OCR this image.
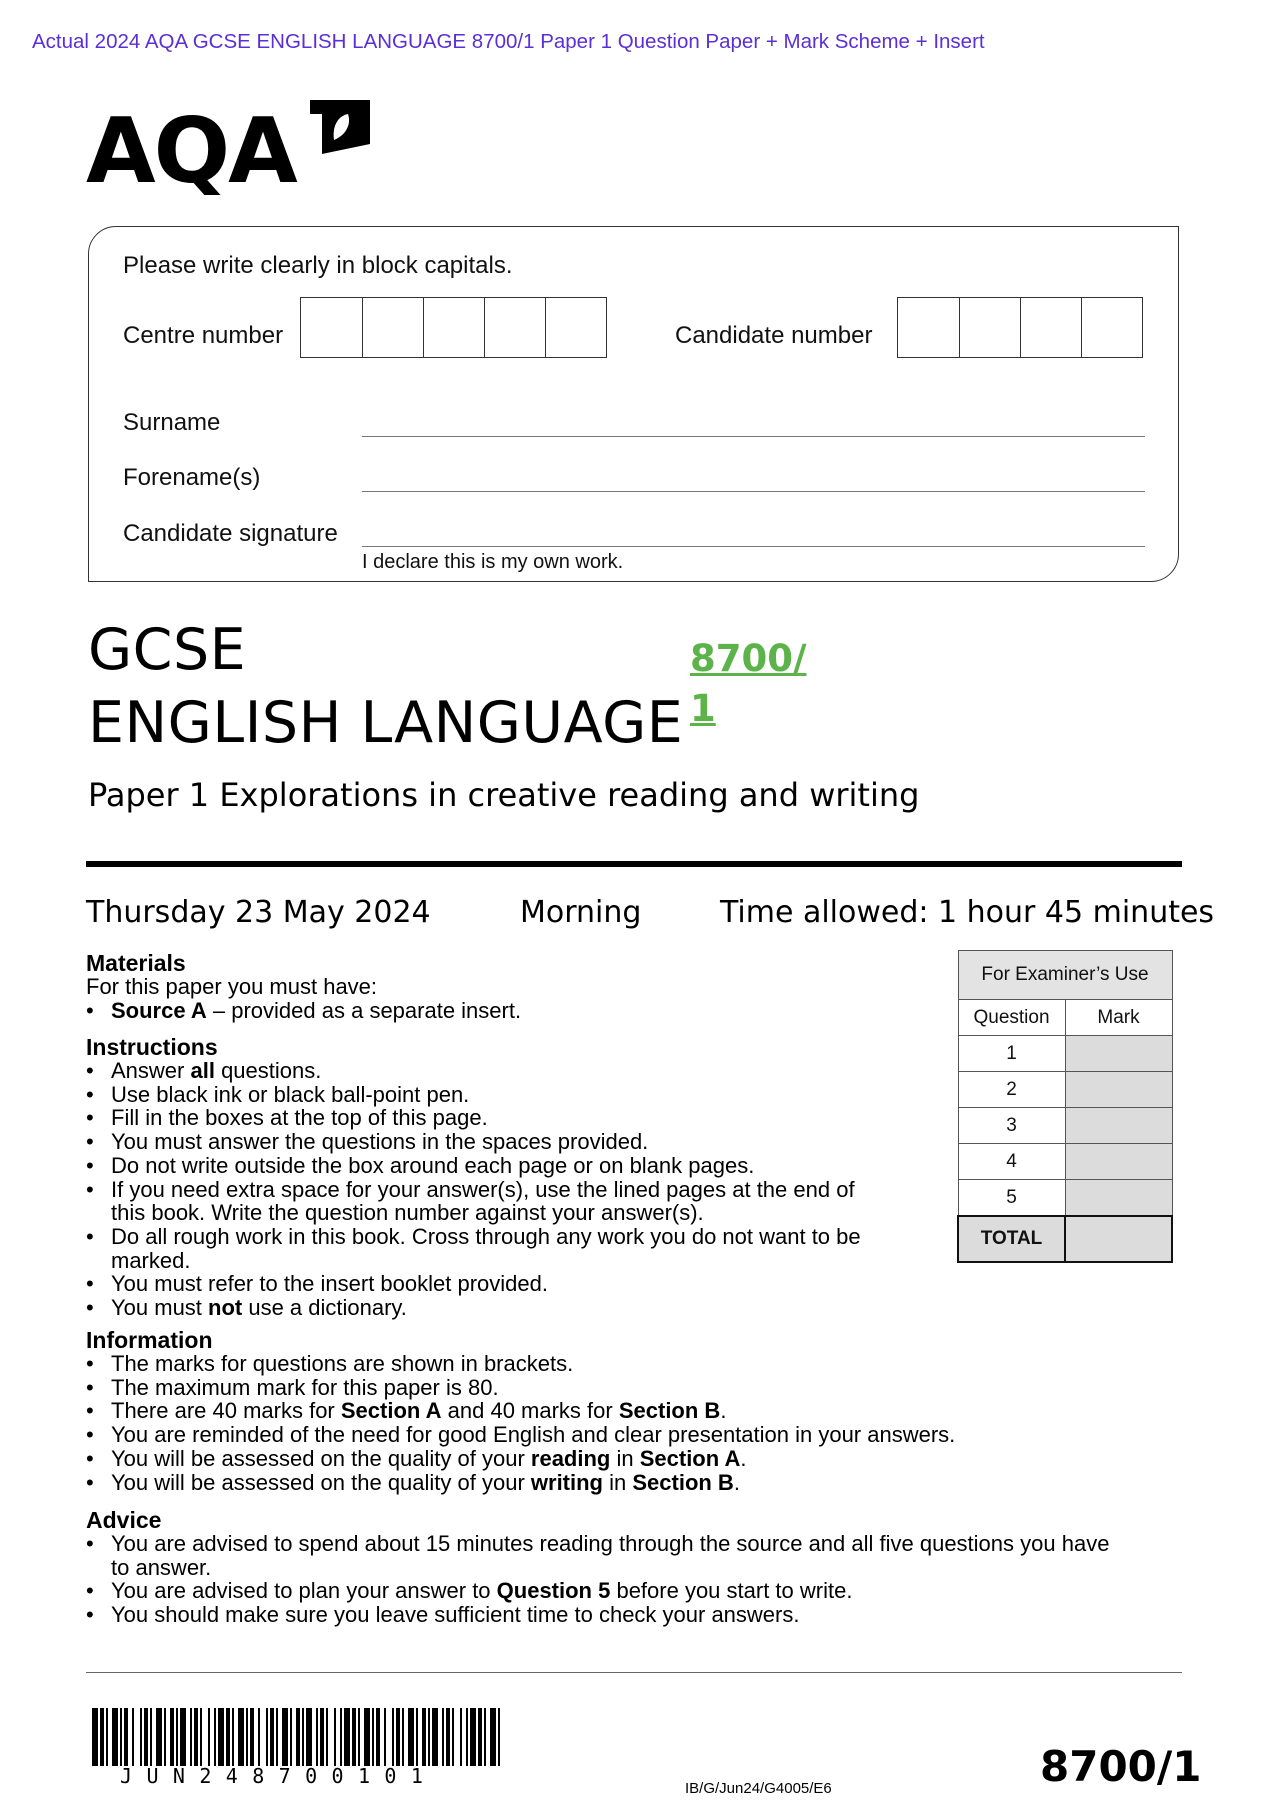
Actual 2024 AQA GCSE ENGLISH LANGUAGE 8700/1 Paper 1 Question Paper + Mark Scheme + Insert
AQA
Please write clearly in block capitals.
Centre number	Candidate number
Surname
Forename(s)
Candidate signature
I declare this is my own work.
GCSE
ENGLISH LANGUAGE
8700/
1
Paper 1 Explorations in creative reading and writing
Thursday 23 May 2024	Morning	Time allowed: 1 hour 45 minutes
Materials

For this paper you must have:

• Source A – provided as a separate insert.
Instructions
• Answer all questions.
• Use black ink or black ball-point pen.
• Fill in the boxes at the top of this page.
• You must answer the questions in the spaces provided.
• Do not write outside the box around each page or on blank pages.
• If you need extra space for your answer(s), use the lined pages at the end of
this book. Write the question number against your answer(s).
• Do all rough work in this book. Cross through any work you do not want to be
marked.
• You must refer to the insert booklet provided.
• You must not use a dictionary.
Information
• The marks for questions are shown in brackets.
• The maximum mark for this paper is 80.
• There are 40 marks for Section A and 40 marks for Section B.
• You are reminded of the need for good English and clear presentation in your answers.
• You will be assessed on the quality of your reading in Section A.
• You will be assessed on the quality of your writing in Section B.
Advice
• You are advised to spend about 15 minutes reading through the source and all five questions you have
to answer.
• You are advised to plan your answer to Question 5 before you start to write.
• You should make sure you leave sufficient time to check your answers.
For Examiner’s Use	
Question	Mark
1	
2	
3	
4	
5	
TOTAL	
JUN248700101
IB/G/Jun24/G4005/E6	8700/1
